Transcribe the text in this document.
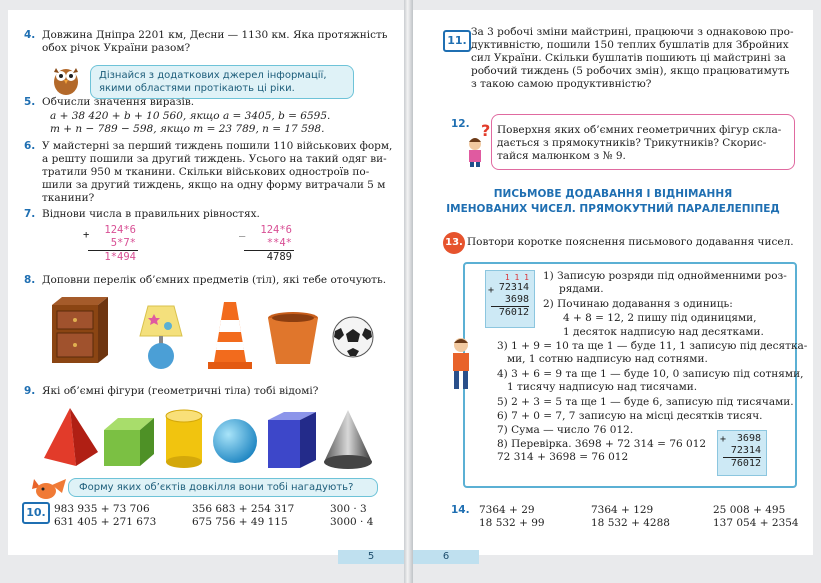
4. Довжина Дніпра 2201 км, Десни — 1130 км. Яка протяжність
обох річок України разом?
Дізнайся з додаткових джерел інформації,
якими областями протікають ці ріки.
5. Обчисли значення виразів.
a + 38 420 + b + 10 560, якщо a = 3405, b = 6595.
m + n − 789 − 598, якщо m = 23 789, n = 17 598.
6. У майстерні за перший тиждень пошили 110 військових форм,
а решту пошили за другий тиждень. Усього на такий одяг ви-
тратили 950 м тканини. Скільки військових одностроїв по-
шили за другий тиждень, якщо на одну форму витрачали 5 м
тканини?
7. Віднови числа в правильних рівностях.
+	124*6
5*7*
1*494
_	124*6
**4*
4789
8. Доповни перелік об’ємних предметів (тіл), які тебе оточують.
9. Які об’ємні фігури (геометричні тіла) тобі відомі?
Форму яких об’єктів довкілля вони тобі нагадують?
10. 983 935 + 73 706	356 683 + 254 317	300 · 3
631 405 + 271 673	675 756 + 49 115	3000 · 4
5
11.
За 3 робочі зміни майстрині, працюючи з однаковою про-
дуктивністю, пошили 150 теплих бушлатів для Збройних
сил України. Скільки бушлатів пошиють ці майстрині за
робочий тиждень (5 робочих змін), якщо працюватимуть
з такою самою продуктивністю?
12. ? Поверхня яких об’ємних геометричних фігур скла-
дається з прямокутників? Трикутників? Скорис-
тайся малюнком з № 9.
ПИСЬМОВЕ ДОДАВАННЯ І ВІДНІМАННЯ
ІМЕНОВАНИХ ЧИСЕЛ. ПРЯМОКУТНИЙ ПАРАЛЕЛЕПІПЕД
13. Повтори коротке пояснення письмового додавання чисел.
1 1 1
72314
3698
76012
+
1) Записую розряди під однойменними роз-
рядами.
2) Починаю додавання з одиниць:
4 + 8 = 12, 2 пишу під одиницями,
1 десяток надписую над десятками.
3) 1 + 9 = 10 та ще 1 — буде 11, 1 записую під десятка-
ми, 1 сотню надписую над сотнями.
4) 3 + 6 = 9 та ще 1 — буде 10, 0 записую під сотнями,
1 тисячу надписую над тисячами.
5) 2 + 3 = 5 та ще 1 — буде 6, записую під тисячами.
6) 7 + 0 = 7, 7 записую на місці десятків тисяч.
7) Сума — число 76 012.
8) Перевірка. 3698 + 72 314 = 76 012
72 314 + 3698 = 76 012
+	3698
72314
76012
14. 7364 + 29	7364 + 129	25 008 + 495
18 532 + 99	18 532 + 4288	137 054 + 2354
6
